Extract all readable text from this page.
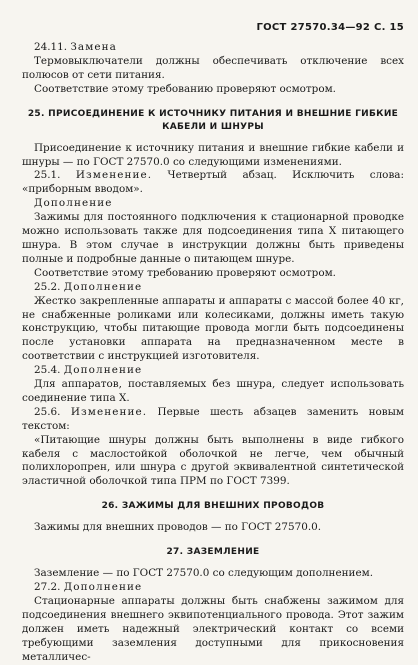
ГОСТ 27570.34—92 С. 15

24.11. Замена

Термовыключатели должны обеспечивать отключение всех полюсов от сети питания.

Соответствие этому требованию проверяют осмотром.

25. ПРИСОЕДИНЕНИЕ К ИСТОЧНИКУ ПИТАНИЯ И ВНЕШНИЕ ГИБКИЕ КАБЕЛИ И ШНУРЫ

Присоединение к источнику питания и внешние гибкие кабели и шнуры — по ГОСТ 27570.0 со следующими изменениями.

25.1. Изменение. Четвертый абзац. Исключить слова: «приборным вводом».

Дополнение

Зажимы для постоянного подключения к стационарной проводке можно использовать также для подсоединения типа X питающего шнура. В этом случае в инструкции должны быть приведены полные и подробные данные о питающем шнуре.

Соответствие этому требованию проверяют осмотром.

25.2. Дополнение

Жестко закрепленные аппараты и аппараты с массой более 40 кг, не снабженные роликами или колесиками, должны иметь такую конструкцию, чтобы питающие провода могли быть подсоединены после установки аппарата на предназначенном месте в соответствии с инструкцией изготовителя.

25.4. Дополнение

Для аппаратов, поставляемых без шнура, следует использовать соединение типа X.

25.6. Изменение. Первые шесть абзацев заменить новым текстом:

«Питающие шнуры должны быть выполнены в виде гибкого кабеля с маслостойкой оболочкой не легче, чем обычный полихлоропрен, или шнура с другой эквивалентной синтетической эластичной оболочкой типа ПРМ по ГОСТ 7399.

26. ЗАЖИМЫ ДЛЯ ВНЕШНИХ ПРОВОДОВ

Зажимы для внешних проводов — по ГОСТ 27570.0.

27. ЗАЗЕМЛЕНИЕ

Заземление — по ГОСТ 27570.0 со следующим дополнением.

27.2. Дополнение

Стационарные аппараты должны быть снабжены зажимом для подсоединения внешнего эквипотенциального провода. Этот зажим должен иметь надежный электрический контакт со всеми требующими заземления доступными для прикосновения металличес-
